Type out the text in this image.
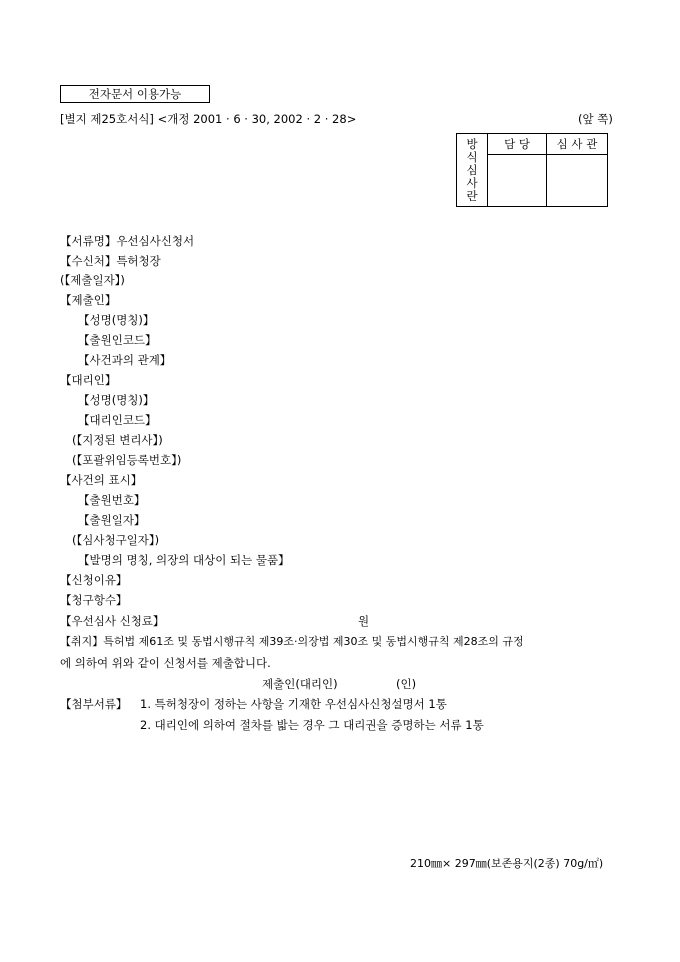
전자문서 이용가능
[별지 제25호서식] <개정 2001 · 6 · 30, 2002 · 2 · 28>	(앞 쪽)
방
식
심
사
란	담 당	심 사 관

【서류명】우선심사신청서
【수신처】특허청장
(【제출일자】)
【제출인】
【성명(명칭)】
【출원인코드】
【사건과의 관계】
【대리인】
【성명(명칭)】
【대리인코드】
(【지정된 변리사】)
(【포괄위임등록번호】)
【사건의 표시】
【출원번호】
【출원일자】
(【심사청구일자】)
【발명의 명칭, 의장의 대상이 되는 물품】
【신청이유】
【청구항수】
【우선심사 신청료】	원
【취지】특허법 제61조 및 동법시행규칙 제39조·의장법 제30조 및 동법시행규칙 제28조의 규정
에 의하여 위와 같이 신청서를 제출합니다.
제출인(대리인)	(인)
【첨부서류】 1. 특허청장이 정하는 사항을 기재한 우선심사신청설명서 1통
2. 대리인에 의하여 절차를 밟는 경우 그 대리권을 증명하는 서류 1통
210㎜× 297㎜(보존용지(2종) 70g/㎡)
